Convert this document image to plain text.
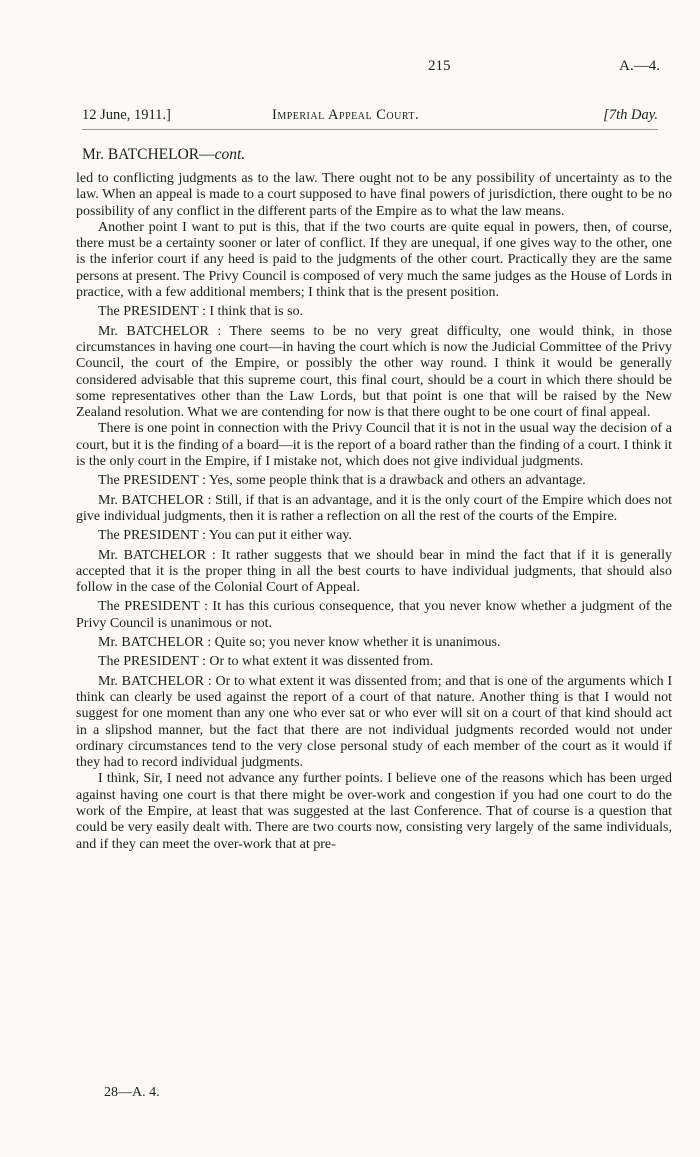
215	A.—4.
12 June, 1911.]	Imperial Appeal Court.	[7th Day.
Mr. BATCHELOR—cont.

led to conflicting judgments as to the law. There ought not to be any possibility of uncertainty as to the law. When an appeal is made to a court supposed to have final powers of jurisdiction, there ought to be no possibility of any conflict in the different parts of the Empire as to what the law means.

Another point I want to put is this, that if the two courts are quite equal in powers, then, of course, there must be a certainty sooner or later of conflict. If they are unequal, if one gives way to the other, one is the inferior court if any heed is paid to the judgments of the other court. Practically they are the same persons at present. The Privy Council is composed of very much the same judges as the House of Lords in practice, with a few additional members; I think that is the present position.

The PRESIDENT : I think that is so.

Mr. BATCHELOR : There seems to be no very great difficulty, one would think, in those circumstances in having one court—in having the court which is now the Judicial Committee of the Privy Council, the court of the Empire, or possibly the other way round. I think it would be generally considered advisable that this supreme court, this final court, should be a court in which there should be some representatives other than the Law Lords, but that point is one that will be raised by the New Zealand resolution. What we are contending for now is that there ought to be one court of final appeal.

There is one point in connection with the Privy Council that it is not in the usual way the decision of a court, but it is the finding of a board—it is the report of a board rather than the finding of a court. I think it is the only court in the Empire, if I mistake not, which does not give individual judgments.

The PRESIDENT : Yes, some people think that is a drawback and others an advantage.

Mr. BATCHELOR : Still, if that is an advantage, and it is the only court of the Empire which does not give individual judgments, then it is rather a reflection on all the rest of the courts of the Empire.

The PRESIDENT : You can put it either way.

Mr. BATCHELOR : It rather suggests that we should bear in mind the fact that if it is generally accepted that it is the proper thing in all the best courts to have individual judgments, that should also follow in the case of the Colonial Court of Appeal.

The PRESIDENT : It has this curious consequence, that you never know whether a judgment of the Privy Council is unanimous or not.

Mr. BATCHELOR : Quite so; you never know whether it is unanimous.

The PRESIDENT : Or to what extent it was dissented from.

Mr. BATCHELOR : Or to what extent it was dissented from; and that is one of the arguments which I think can clearly be used against the report of a court of that nature. Another thing is that I would not suggest for one moment than any one who ever sat or who ever will sit on a court of that kind should act in a slipshod manner, but the fact that there are not individual judgments recorded would not under ordinary circumstances tend to the very close personal study of each member of the court as it would if they had to record individual judgments.

I think, Sir, I need not advance any further points. I believe one of the reasons which has been urged against having one court is that there might be over-work and congestion if you had one court to do the work of the Empire, at least that was suggested at the last Conference. That of course is a question that could be very easily dealt with. There are two courts now, consisting very largely of the same individuals, and if they can meet the over-work that at pre-

28—A. 4.
